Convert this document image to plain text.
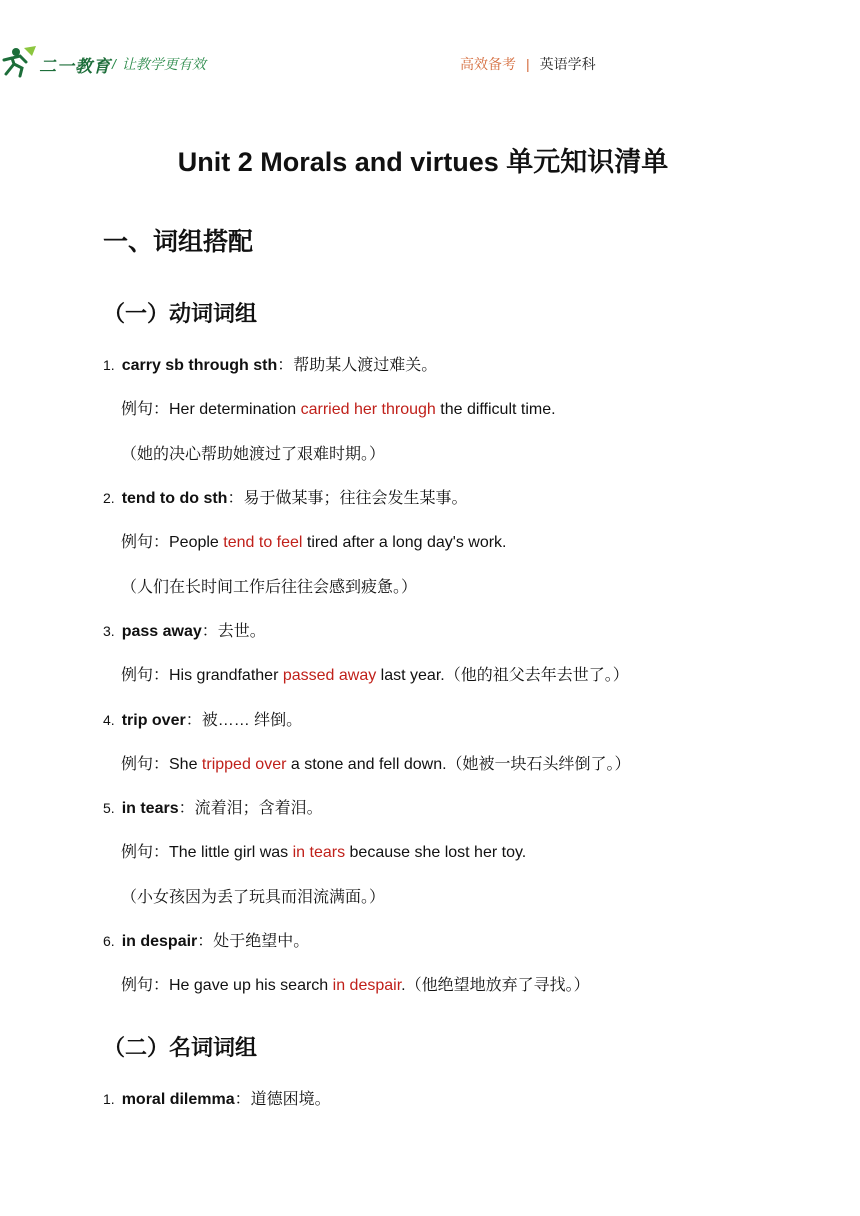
二一教育 / 让教学更有效	高效备考 | 英语学科
Unit 2 Morals and virtues 单元知识清单
一、词组搭配
（一）动词词组
1. carry sb through sth：帮助某人渡过难关。
例句：Her determination carried her through the difficult time.
（她的决心帮助她渡过了艰难时期。）
2. tend to do sth：易于做某事；往往会发生某事。
例句：People tend to feel tired after a long day's work.
（人们在长时间工作后往往会感到疲惫。）
3. pass away：去世。
例句：His grandfather passed away last year.（他的祖父去年去世了。）
4. trip over：被…… 绊倒。
例句：She tripped over a stone and fell down.（她被一块石头绊倒了。）
5. in tears：流着泪；含着泪。
例句：The little girl was in tears because she lost her toy.
（小女孩因为丢了玩具而泪流满面。）
6. in despair：处于绝望中。
例句：He gave up his search in despair.（他绝望地放弃了寻找。）
（二）名词词组
1. moral dilemma：道德困境。
